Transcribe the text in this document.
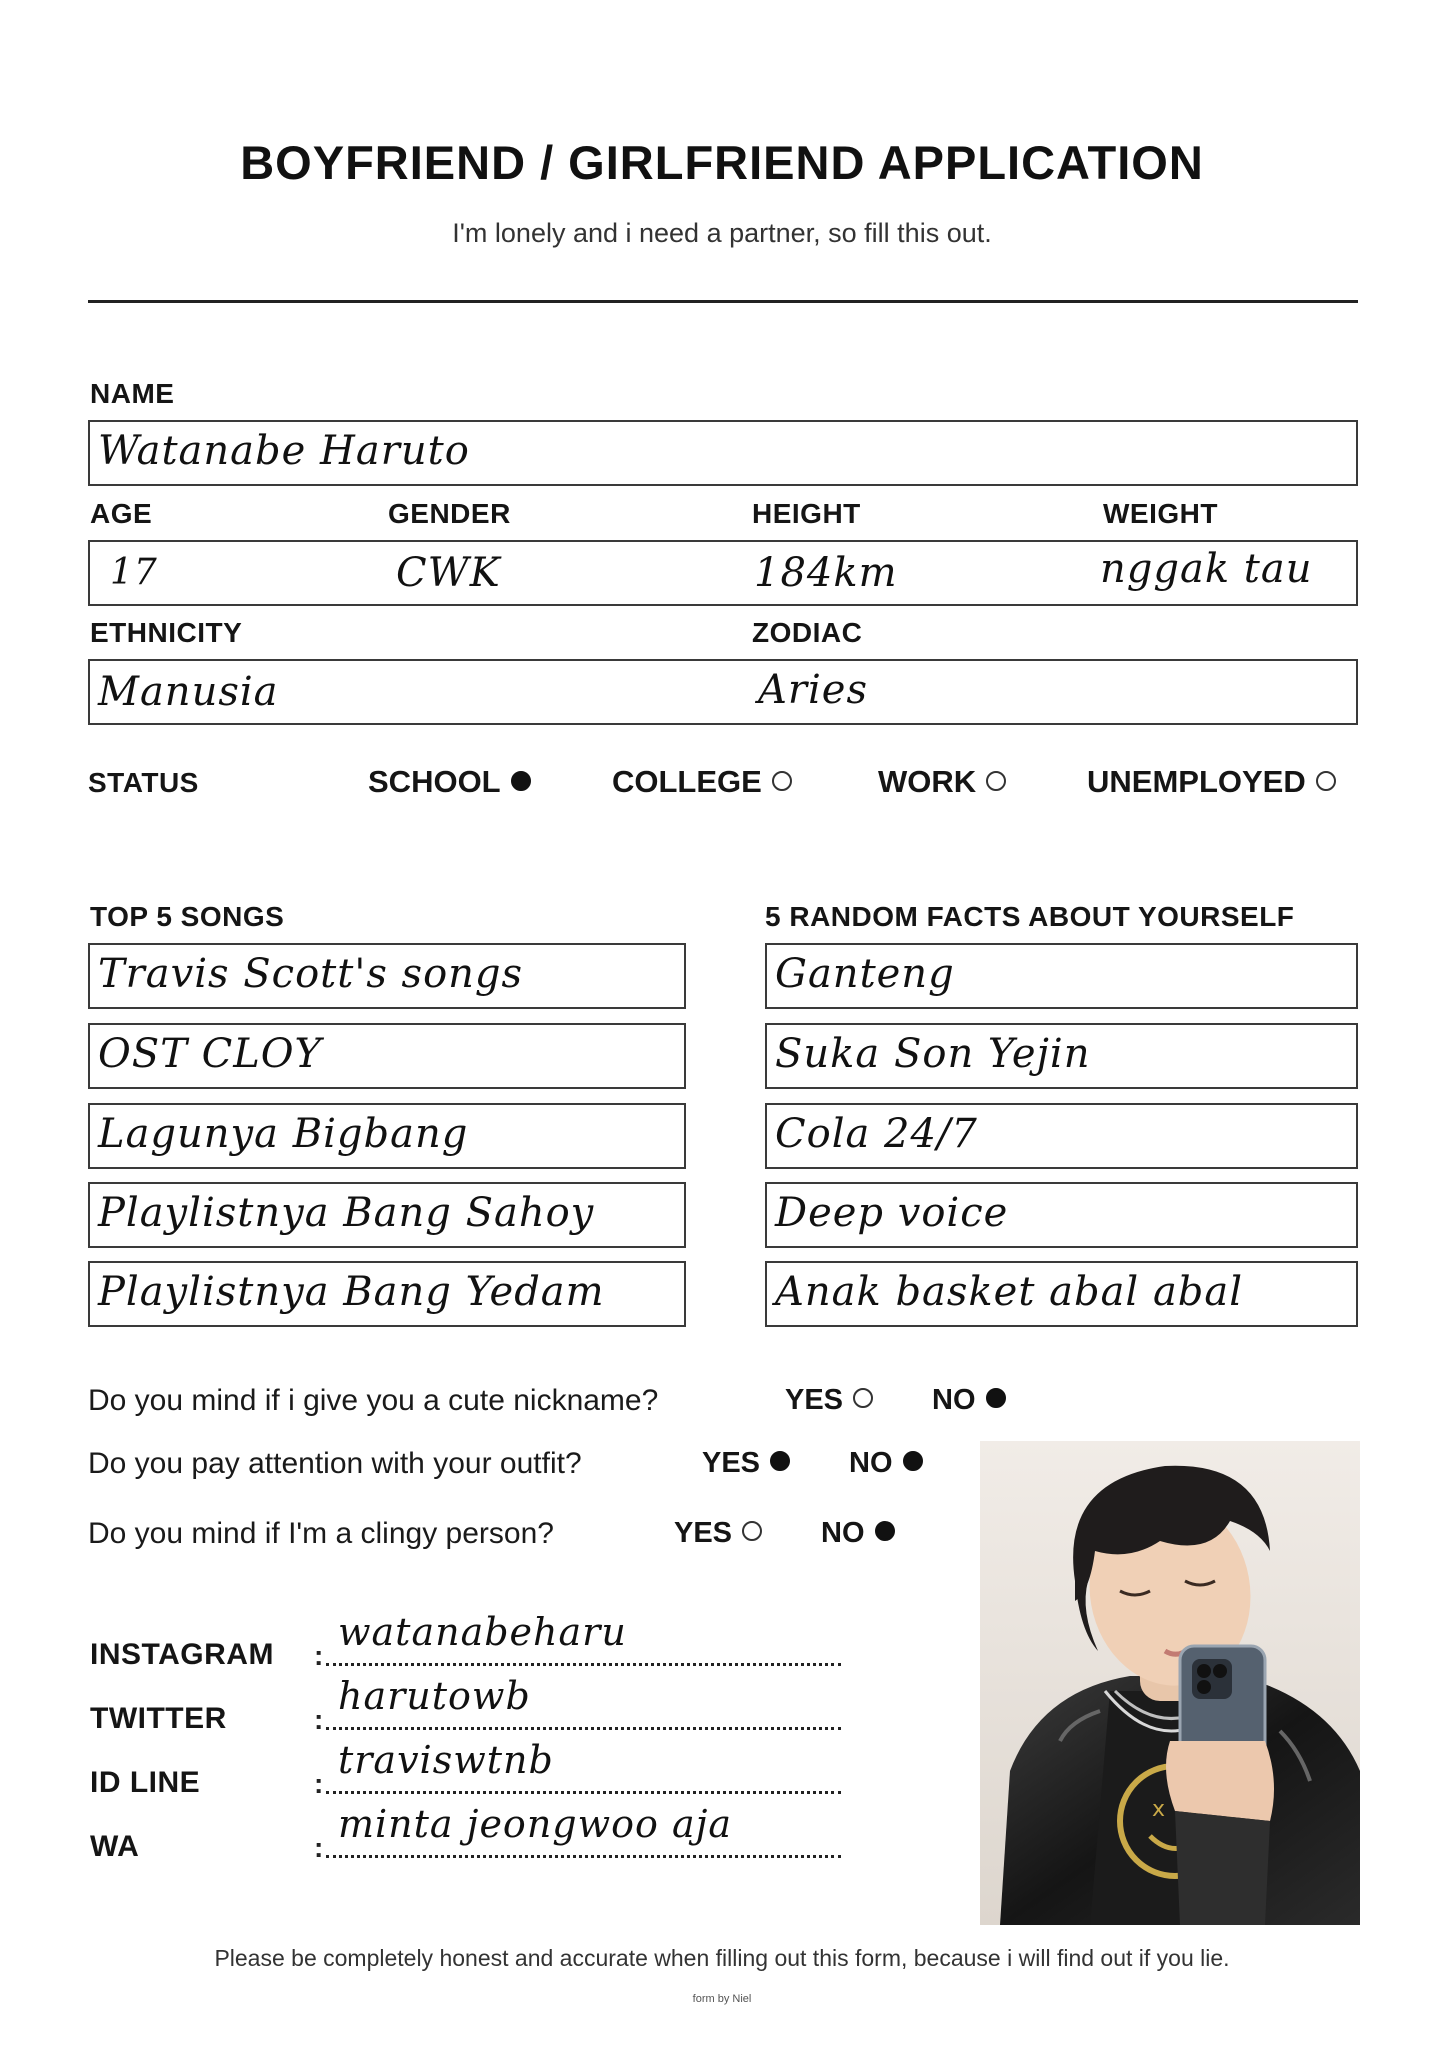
BOYFRIEND / GIRLFRIEND APPLICATION
I'm lonely and i need a partner, so fill this out.
NAME
Watanabe Haruto
AGE	GENDER	HEIGHT	WEIGHT
17	CWK	184km	nggak tau
ETHNICITY	ZODIAC
Manusia	Aries
STATUS	SCHOOL	COLLEGE	WORK	UNEMPLOYED
TOP 5 SONGS	5 RANDOM FACTS ABOUT YOURSELF
Travis Scott's songs
OST CLOY
Lagunya Bigbang
Playlistnya Bang Sahoy
Playlistnya Bang Yedam
Ganteng
Suka Son Yejin
Cola 24/7
Deep voice
Anak basket abal abal
Do you mind if i give you a cute nickname?	YES	NO
Do you pay attention with your outfit?	YES	NO
Do you mind if I'm a clingy person?	YES	NO
INSTAGRAM :
watanabeharu
TWITTER	:
harutowb
ID LINE	:
traviswtnb
WA	:
minta jeongwoo aja	x
Please be completely honest and accurate when filling out this form, because i will find out if you lie.
form by Niel
